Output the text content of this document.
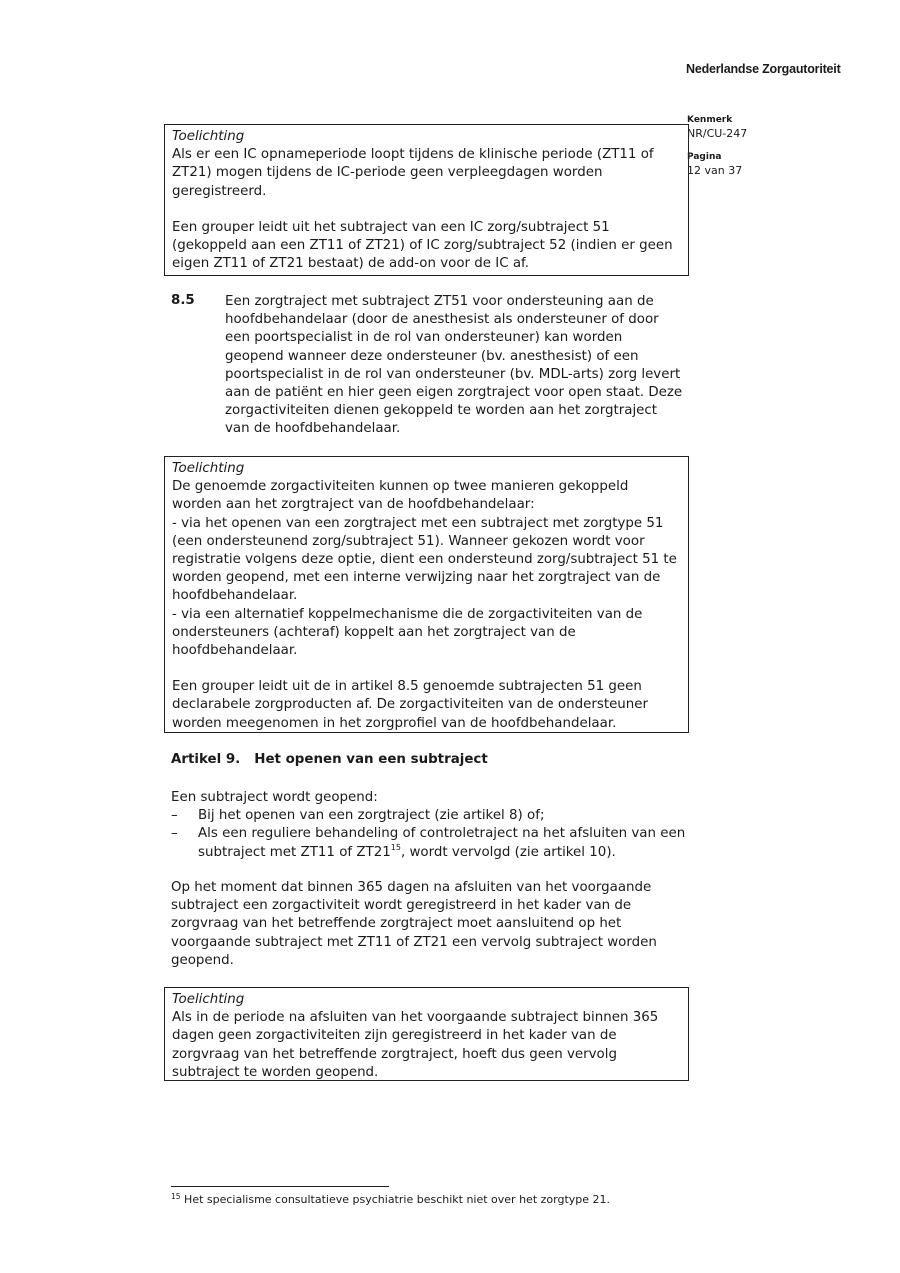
Nederlandse Zorgautoriteit
Kenmerk
NR/CU-247
Pagina
12 van 37
Toelichting

Als er een IC opnameperiode loopt tijdens de klinische periode (ZT11 of ZT21) mogen tijdens de IC-periode geen verpleegdagen worden geregistreerd.

Een grouper leidt uit het subtraject van een IC zorg/subtraject 51 (gekoppeld aan een ZT11 of ZT21) of IC zorg/subtraject 52 (indien er geen eigen ZT11 of ZT21 bestaat) de add-on voor de IC af.

8.5 Een zorgtraject met subtraject ZT51 voor ondersteuning aan de hoofdbehandelaar (door de anesthesist als ondersteuner of door een poortspecialist in de rol van ondersteuner) kan worden geopend wanneer deze ondersteuner (bv. anesthesist) of een poortspecialist in de rol van ondersteuner (bv. MDL-arts) zorg levert aan de patiënt en hier geen eigen zorgtraject voor open staat. Deze zorgactiviteiten dienen gekoppeld te worden aan het zorgtraject van de hoofdbehandelaar.
Toelichting

De genoemde zorgactiviteiten kunnen op twee manieren gekoppeld worden aan het zorgtraject van de hoofdbehandelaar:

- via het openen van een zorgtraject met een subtraject met zorgtype 51 (een ondersteunend zorg/subtraject 51). Wanneer gekozen wordt voor registratie volgens deze optie, dient een ondersteund zorg/subtraject 51 te worden geopend, met een interne verwijzing naar het zorgtraject van de hoofdbehandelaar.

- via een alternatief koppelmechanisme die de zorgactiviteiten van de ondersteuners (achteraf) koppelt aan het zorgtraject van de hoofdbehandelaar.

Een grouper leidt uit de in artikel 8.5 genoemde subtrajecten 51 geen declarabele zorgproducten af. De zorgactiviteiten van de ondersteuner worden meegenomen in het zorgprofiel van de hoofdbehandelaar.

Artikel 9. Het openen van een subtraject
Een subtraject wordt geopend:
– Bij het openen van een zorgtraject (zie artikel 8) of;
– Als een reguliere behandeling of controletraject na het afsluiten van een subtraject met ZT11 of $ZT21^{15}$, wordt vervolgd (zie artikel 10).
Op het moment dat binnen 365 dagen na afsluiten van het voorgaande subtraject een zorgactiviteit wordt geregistreerd in het kader van de zorgvraag van het betreffende zorgtraject moet aansluitend op het voorgaande subtraject met ZT11 of ZT21 een vervolg subtraject worden geopend.
Toelichting

Als in de periode na afsluiten van het voorgaande subtraject binnen 365 dagen geen zorgactiviteiten zijn geregistreerd in het kader van de zorgvraag van het betreffende zorgtraject, hoeft dus geen vervolg subtraject te worden geopend.

$^{15}$ Het specialisme consultatieve psychiatrie beschikt niet over het zorgtype 21.
